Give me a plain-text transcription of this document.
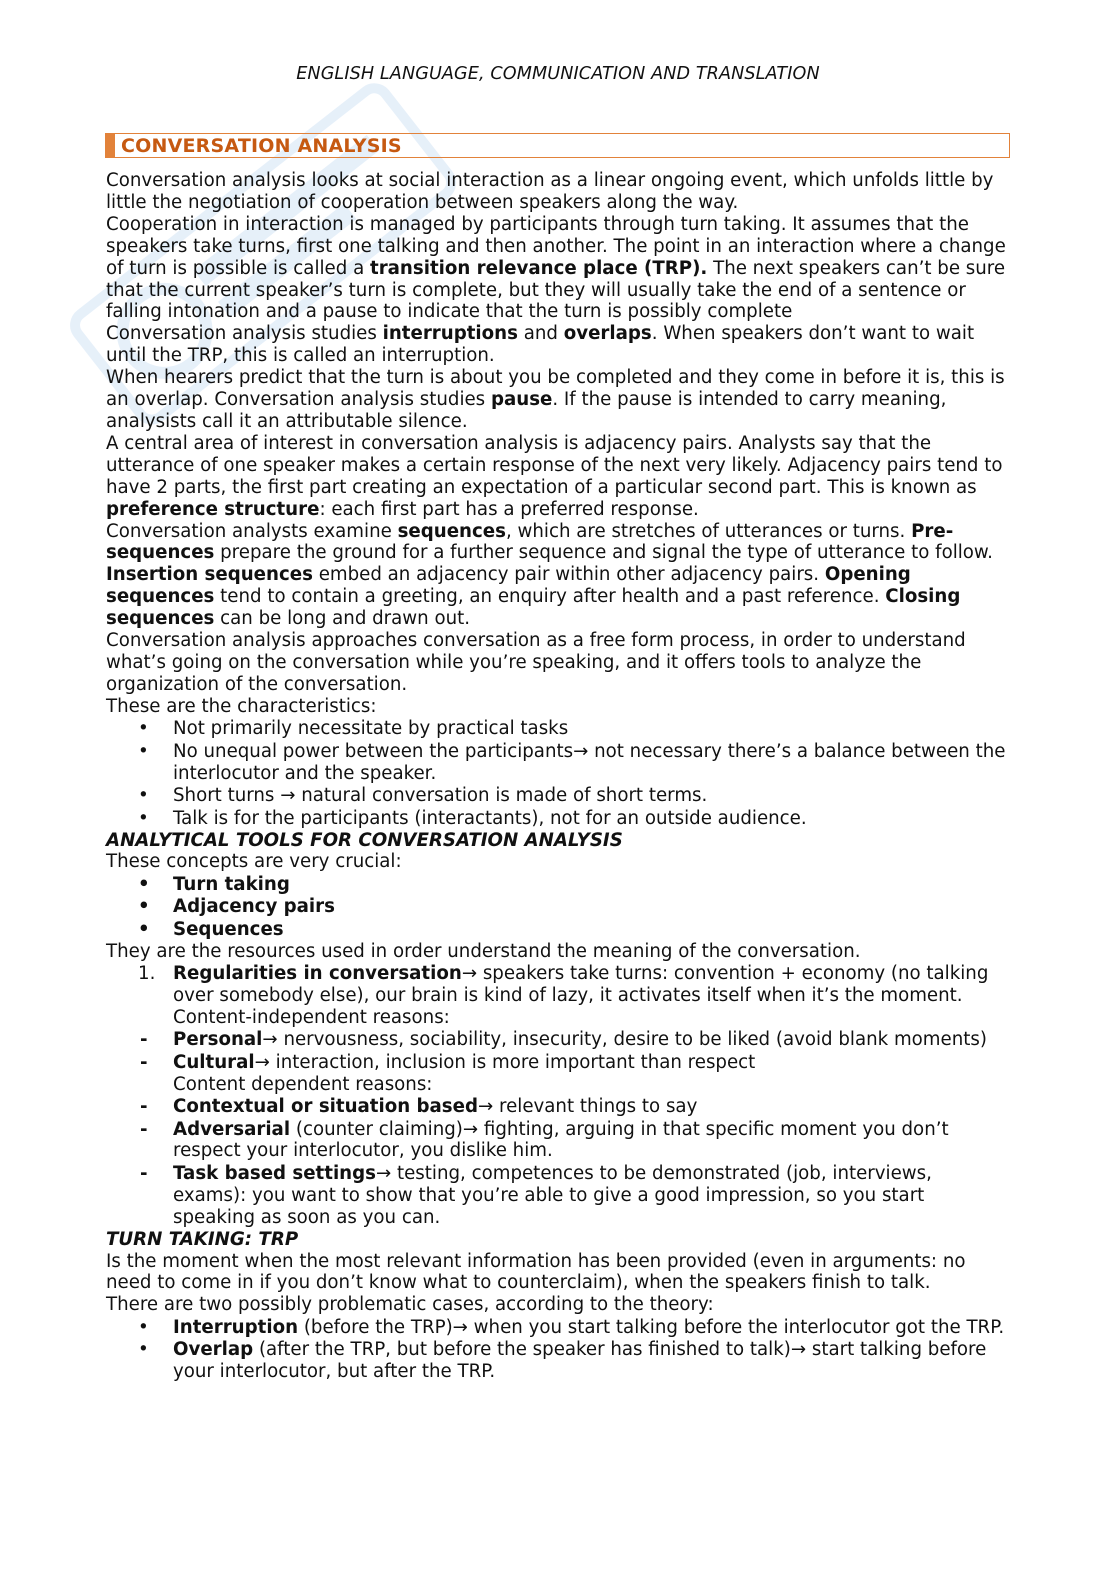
ENGLISH LANGUAGE, COMMUNICATION AND TRANSLATION
CONVERSATION ANALYSIS

Conversation analysis looks at social interaction as a linear ongoing event, which unfolds little by little the negotiation of cooperation between speakers along the way.

Cooperation in interaction is managed by participants through turn taking. It assumes that the speakers take turns, first one talking and then another. The point in an interaction where a change of turn is possible is called a transition relevance place (TRP). The next speakers can’t be sure that the current speaker’s turn is complete, but they will usually take the end of a sentence or falling intonation and a pause to indicate that the turn is possibly complete

Conversation analysis studies interruptions and overlaps. When speakers don’t want to wait until the TRP, this is called an interruption.

When hearers predict that the turn is about you be completed and they come in before it is, this is an overlap. Conversation analysis studies pause. If the pause is intended to carry meaning, analysists call it an attributable silence.

A central area of interest in conversation analysis is adjacency pairs. Analysts say that the utterance of one speaker makes a certain response of the next very likely. Adjacency pairs tend to have 2 parts, the first part creating an expectation of a particular second part. This is known as preference structure: each first part has a preferred response.

Conversation analysts examine sequences, which are stretches of utterances or turns. Pre-sequences prepare the ground for a further sequence and signal the type of utterance to follow. Insertion sequences embed an adjacency pair within other adjacency pairs. Opening sequences tend to contain a greeting, an enquiry after health and a past reference. Closing sequences can be long and drawn out.

Conversation analysis approaches conversation as a free form process, in order to understand what’s going on the conversation while you’re speaking, and it offers tools to analyze the organization of the conversation.

These are the characteristics:

• Not primarily necessitate by practical tasks
• No unequal power between the participants→ not necessary there’s a balance between the interlocutor and the speaker.
• Short turns → natural conversation is made of short terms.
• Talk is for the participants (interactants), not for an outside audience.

ANALYTICAL TOOLS FOR CONVERSATION ANALYSIS

These concepts are very crucial:

• Turn taking
• Adjacency pairs
• Sequences

They are the resources used in order understand the meaning of the conversation.

1. Regularities in conversation→ speakers take turns: convention + economy (no talking over somebody else), our brain is kind of lazy, it activates itself when it’s the moment.

Content-independent reasons:

- Personal→ nervousness, sociability, insecurity, desire to be liked (avoid blank moments)
- Cultural→ interaction, inclusion is more important than respect

Content dependent reasons:

- Contextual or situation based→ relevant things to say
- Adversarial (counter claiming)→ fighting, arguing in that specific moment you don’t respect your interlocutor, you dislike him.
- Task based settings→ testing, competences to be demonstrated (job, interviews, exams): you want to show that you’re able to give a good impression, so you start speaking as soon as you can.

TURN TAKING: TRP

Is the moment when the most relevant information has been provided (even in arguments: no need to come in if you don’t know what to counterclaim), when the speakers finish to talk.

There are two possibly problematic cases, according to the theory:

• Interruption (before the TRP)→ when you start talking before the interlocutor got the TRP.
• Overlap (after the TRP, but before the speaker has finished to talk)→ start talking before your interlocutor, but after the TRP.
